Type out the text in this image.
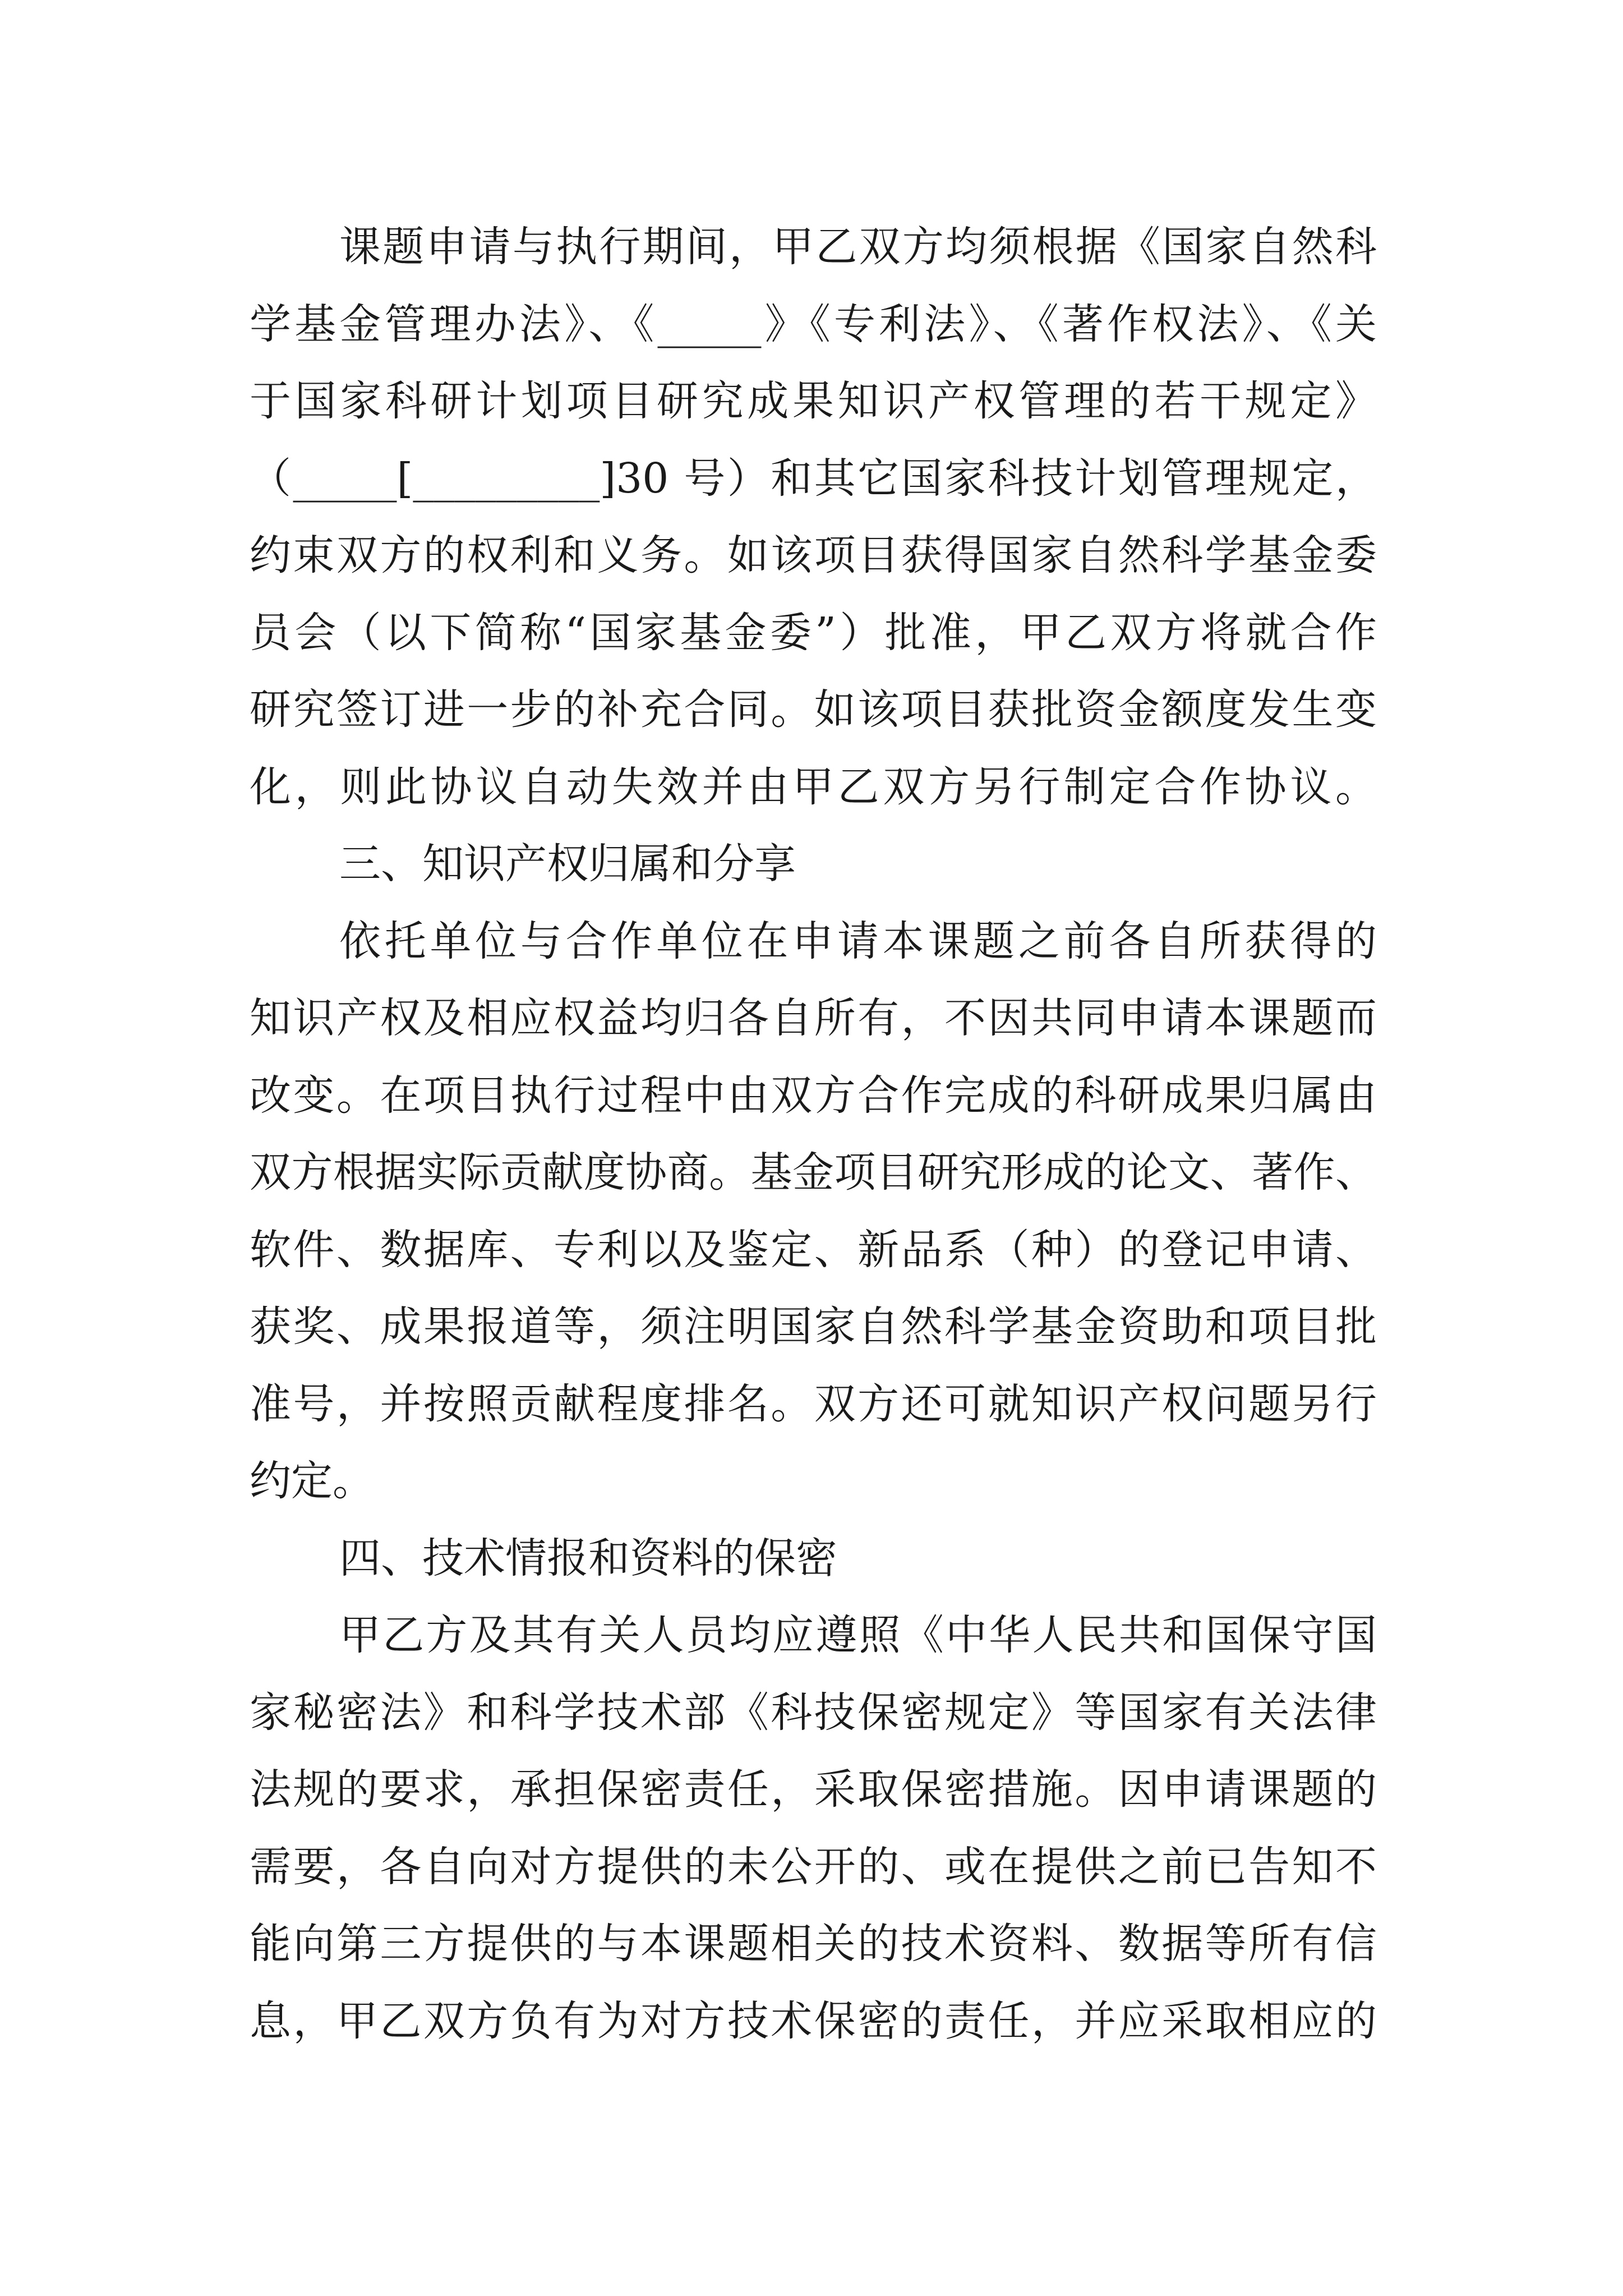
课题申请与执行期间，甲乙双方均须根据《国家自然科
学基金管理办法》、《_____》《专利法》、《著作权法》、《关
于国家科研计划项目研究成果知识产权管理的若干规定》
（_____[_________]30 号）和其它国家科技计划管理规定，
约束双方的权利和义务。如该项目获得国家自然科学基金委
员会（以下简称“国家基金委”）批准，甲乙双方将就合作
研究签订进一步的补充合同。如该项目获批资金额度发生变
化，则此协议自动失效并由甲乙双方另行制定合作协议。
三、知识产权归属和分享
依托单位与合作单位在申请本课题之前各自所获得的
知识产权及相应权益均归各自所有，不因共同申请本课题而
改变。在项目执行过程中由双方合作完成的科研成果归属由
双方根据实际贡献度协商。基金项目研究形成的论文、著作、
软件、数据库、专利以及鉴定、新品系（种）的登记申请、
获奖、成果报道等，须注明国家自然科学基金资助和项目批
准号，并按照贡献程度排名。双方还可就知识产权问题另行
约定。
四、技术情报和资料的保密
甲乙方及其有关人员均应遵照《中华人民共和国保守国
家秘密法》和科学技术部《科技保密规定》等国家有关法律
法规的要求，承担保密责任，采取保密措施。因申请课题的
需要，各自向对方提供的未公开的、或在提供之前已告知不
能向第三方提供的与本课题相关的技术资料、数据等所有信
息，甲乙双方负有为对方技术保密的责任，并应采取相应的
